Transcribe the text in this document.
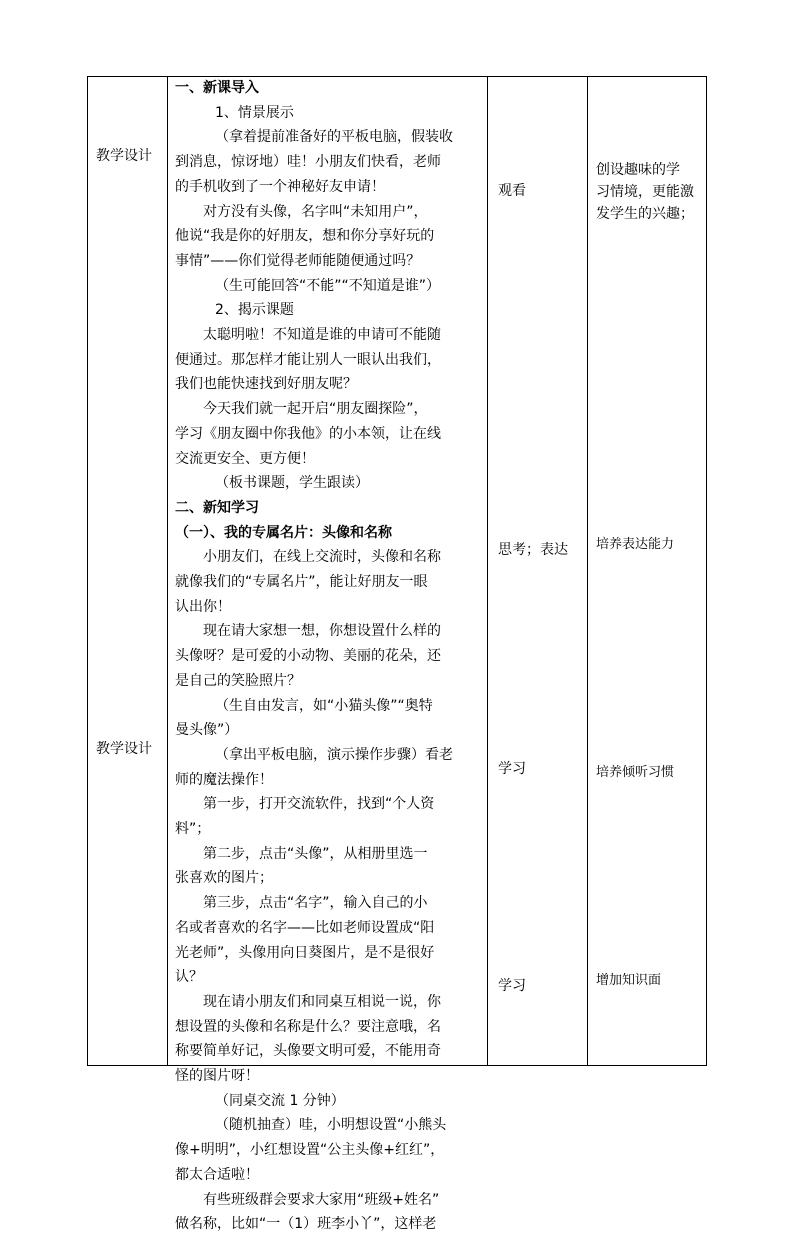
教学设计
教学设计
一、新课导入
1、情景展示
（拿着提前准备好的平板电脑，假装收
到消息，惊讶地）哇！小朋友们快看，老师
的手机收到了一个神秘好友申请！
对方没有头像，名字叫“未知用户”，
他说“我是你的好朋友，想和你分享好玩的
事情”——你们觉得老师能随便通过吗？
（生可能回答“不能”“不知道是谁”）
2、揭示课题
太聪明啦！不知道是谁的申请可不能随
便通过。那怎样才能让别人一眼认出我们，
我们也能快速找到好朋友呢？
今天我们就一起开启“朋友圈探险”，
学习《朋友圈中你我他》的小本领，让在线
交流更安全、更方便！
（板书课题，学生跟读）
二、新知学习
（一）、我的专属名片：头像和名称
小朋友们，在线上交流时，头像和名称
就像我们的“专属名片”，能让好朋友一眼
认出你！
现在请大家想一想，你想设置什么样的
头像呀？是可爱的小动物、美丽的花朵，还
是自己的笑脸照片？
（生自由发言，如“小猫头像”“奥特
曼头像”）
（拿出平板电脑，演示操作步骤）看老
师的魔法操作！
第一步，打开交流软件，找到“个人资
料”；
第二步，点击“头像”，从相册里选一
张喜欢的图片；
第三步，点击“名字”，输入自己的小
名或者喜欢的名字——比如老师设置成“阳
光老师”，头像用向日葵图片，是不是很好
认？
现在请小朋友们和同桌互相说一说，你
想设置的头像和名称是什么？要注意哦，名
称要简单好记，头像要文明可爱，不能用奇
怪的图片呀！
（同桌交流 1 分钟）
（随机抽查）哇，小明想设置“小熊头
像+明明”，小红想设置“公主头像+红红”，
都太合适啦！
有些班级群会要求大家用“班级+姓名”
做名称，比如“一（1）班李小丫”，这样老
观看
思考；表达
学习
学习
创设趣味的学
习情境，更能激
发学生的兴趣；
培养表达能力
培养倾听习惯
增加知识面
